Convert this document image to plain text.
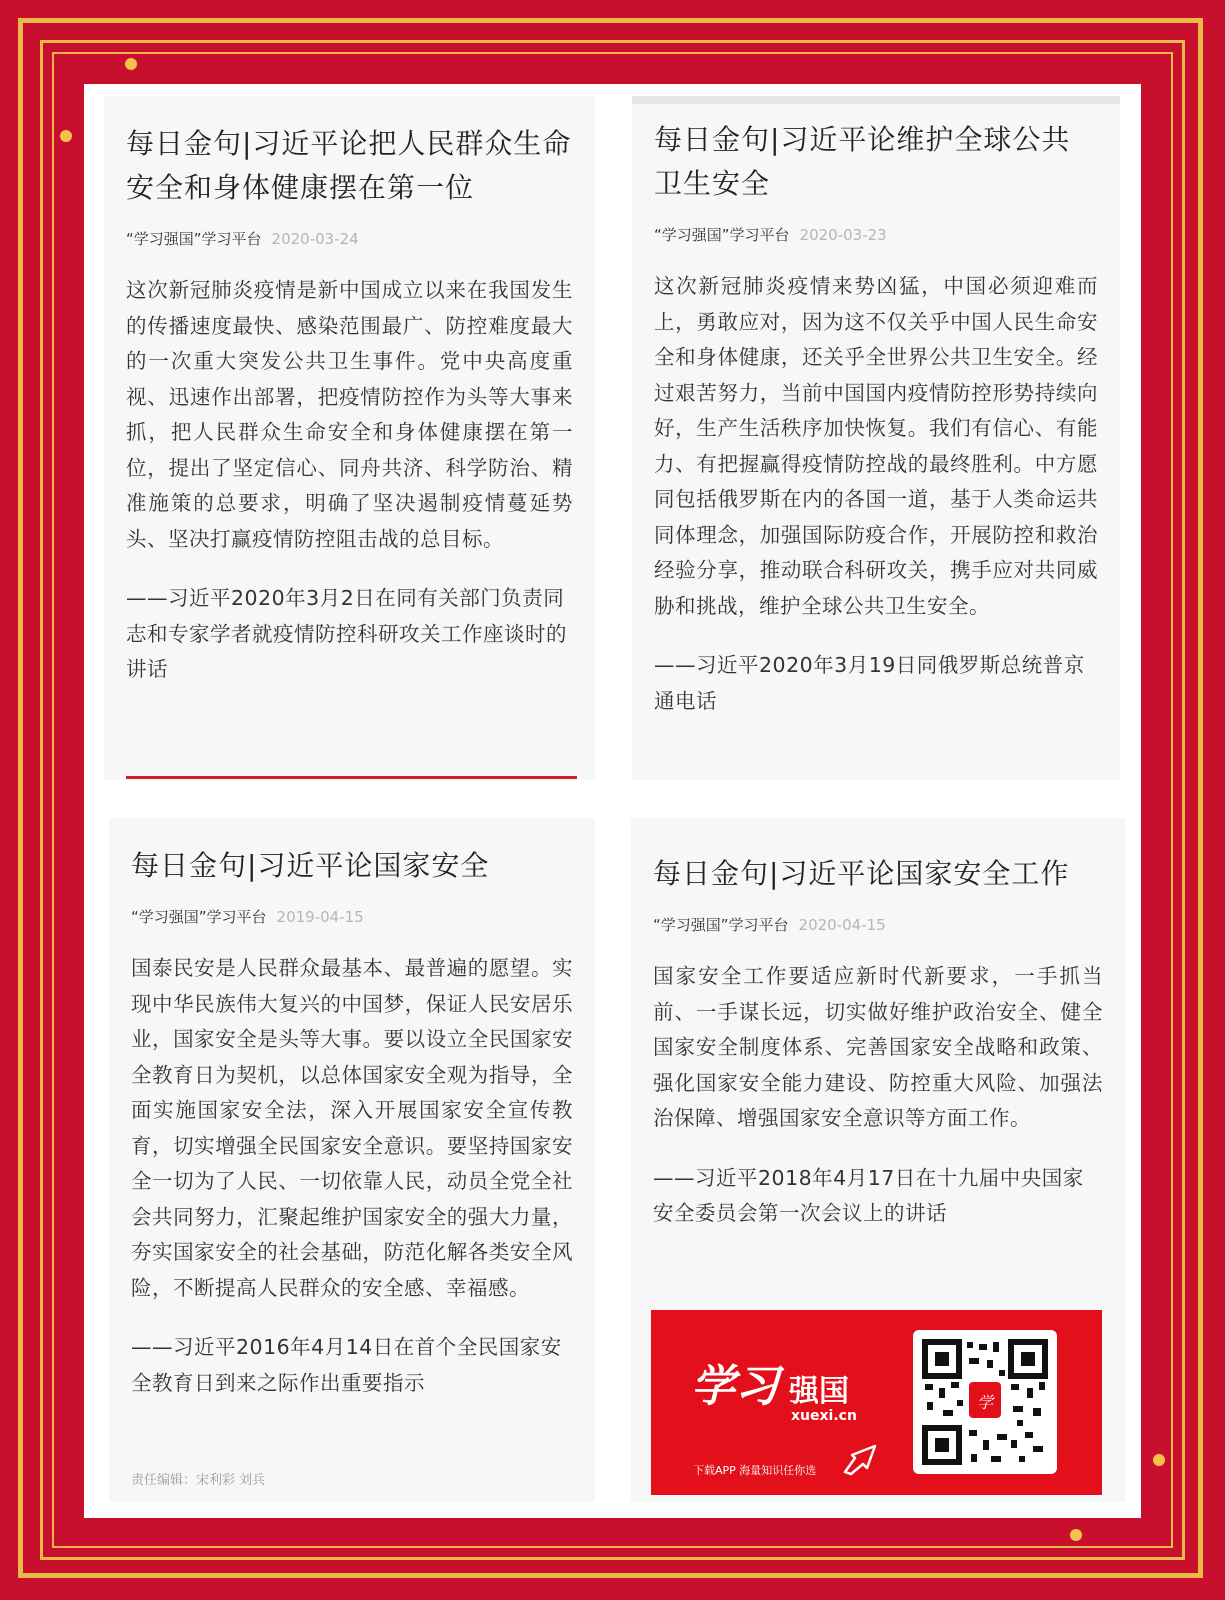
每日金句|习近平论把人民群众生命安全和身体健康摆在第一位
“学习强国”学习平台 2020-03-24
这次新冠肺炎疫情是新中国成立以来在我国发生的传播速度最快、感染范围最广、防控难度最大的一次重大突发公共卫生事件。党中央高度重视、迅速作出部署，把疫情防控作为头等大事来抓，把人民群众生命安全和身体健康摆在第一位，提出了坚定信心、同舟共济、科学防治、精准施策的总要求，明确了坚决遏制疫情蔓延势头、坚决打赢疫情防控阻击战的总目标。
——习近平2020年3月2日在同有关部门负责同志和专家学者就疫情防控科研攻关工作座谈时的讲话
每日金句|习近平论维护全球公共卫生安全
“学习强国”学习平台 2020-03-23
这次新冠肺炎疫情来势凶猛，中国必须迎难而上，勇敢应对，因为这不仅关乎中国人民生命安全和身体健康，还关乎全世界公共卫生安全。经过艰苦努力，当前中国国内疫情防控形势持续向好，生产生活秩序加快恢复。我们有信心、有能力、有把握赢得疫情防控战的最终胜利。中方愿同包括俄罗斯在内的各国一道，基于人类命运共同体理念，加强国际防疫合作，开展防控和救治经验分享，推动联合科研攻关，携手应对共同威胁和挑战，维护全球公共卫生安全。
——习近平2020年3月19日同俄罗斯总统普京通电话
每日金句|习近平论国家安全
“学习强国”学习平台 2019-04-15
国泰民安是人民群众最基本、最普遍的愿望。实现中华民族伟大复兴的中国梦，保证人民安居乐业，国家安全是头等大事。要以设立全民国家安全教育日为契机，以总体国家安全观为指导，全面实施国家安全法，深入开展国家安全宣传教育，切实增强全民国家安全意识。要坚持国家安全一切为了人民、一切依靠人民，动员全党全社会共同努力，汇聚起维护国家安全的强大力量，夯实国家安全的社会基础，防范化解各类安全风险，不断提高人民群众的安全感、幸福感。
——习近平2016年4月14日在首个全民国家安全教育日到来之际作出重要指示
责任编辑：宋利彩 刘兵
每日金句|习近平论国家安全工作
“学习强国”学习平台 2020-04-15
国家安全工作要适应新时代新要求，一手抓当前、一手谋长远，切实做好维护政治安全、健全国家安全制度体系、完善国家安全战略和政策、强化国家安全能力建设、防控重大风险、加强法治保障、增强国家安全意识等方面工作。
——习近平2018年4月17日在十九届中央国家安全委员会第一次会议上的讲话
学习 强国
xuexi.cn
下载APP 海量知识任你选
学
